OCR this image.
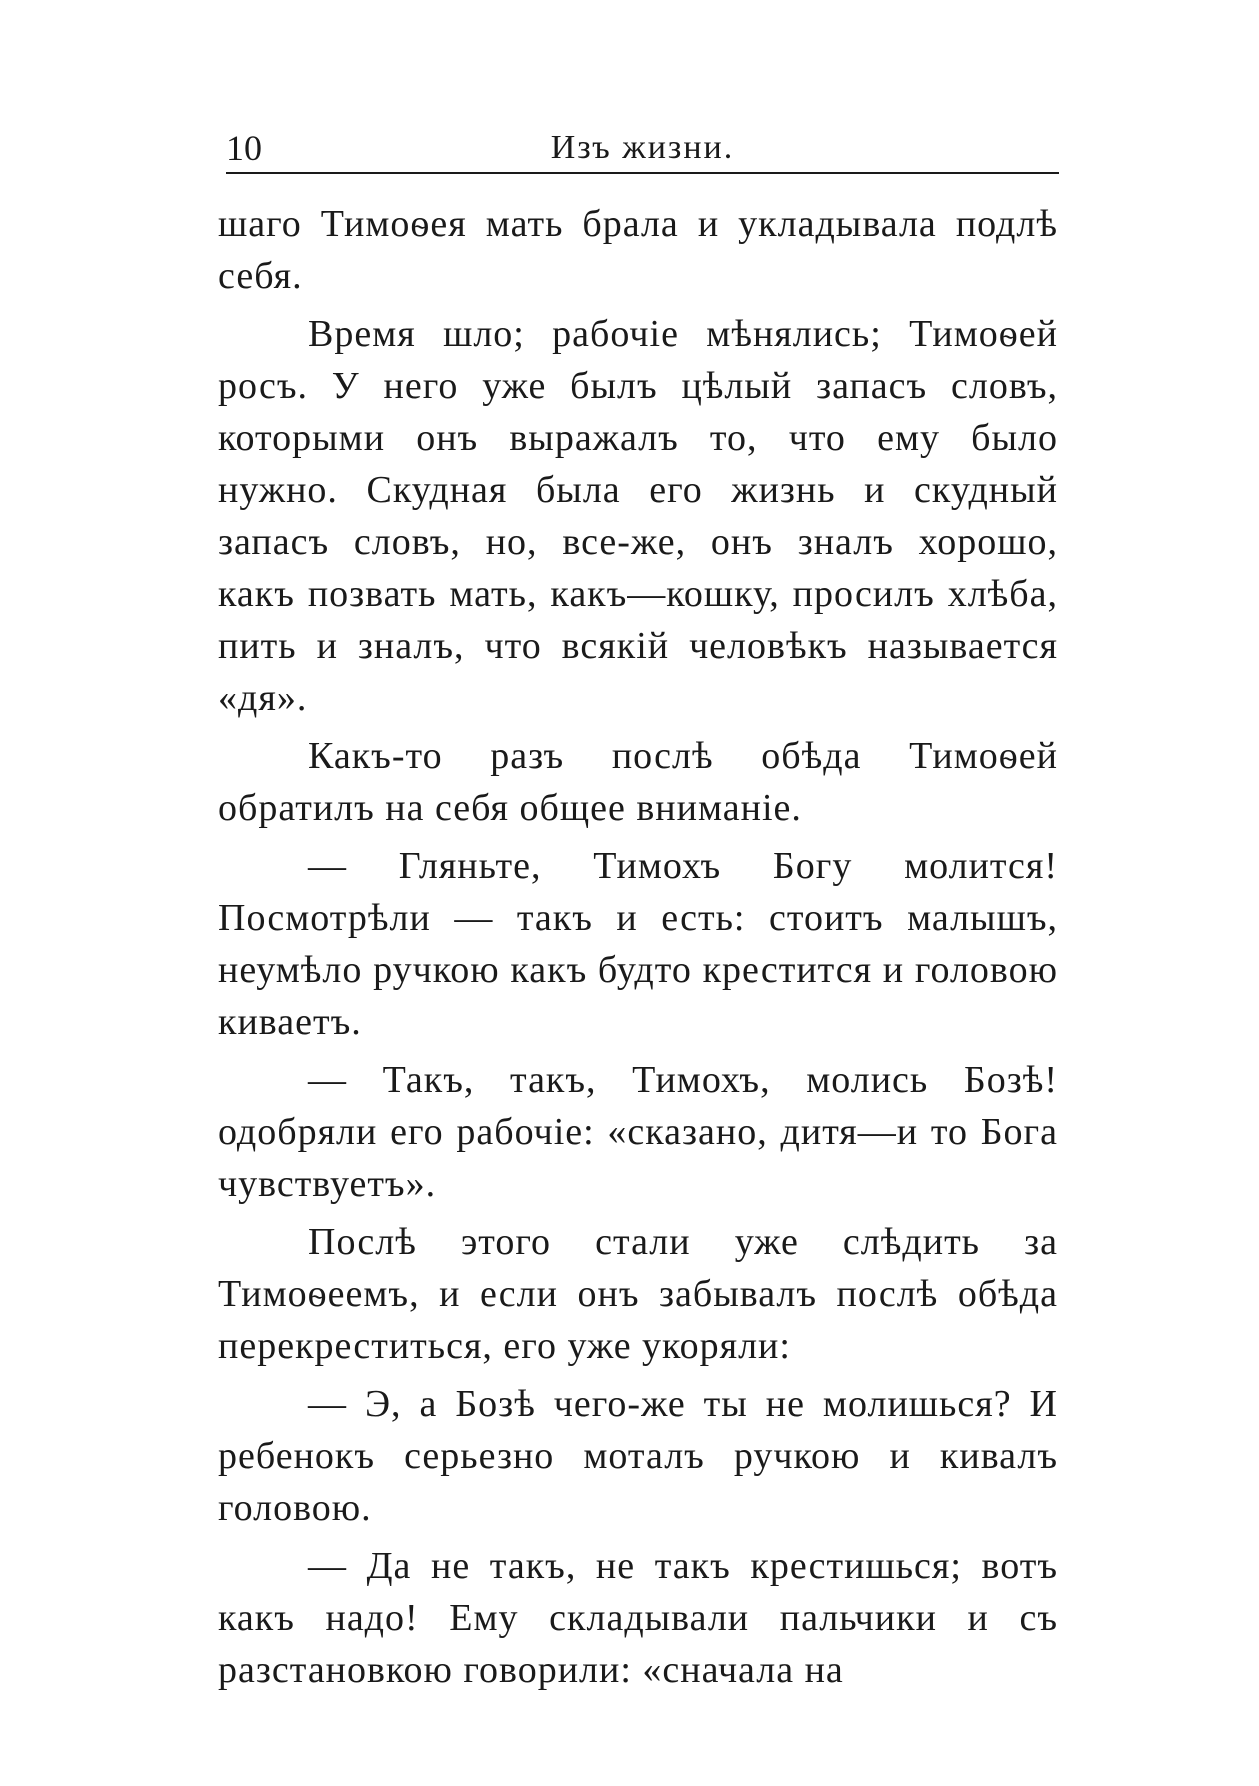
10	Изъ жизни.

шаго Тимоѳея мать брала и укладывала подлѣ себя.

Время шло; рабочіе мѣнялись; Тимоѳей росъ. У него уже былъ цѣлый запасъ словъ, которыми онъ выражалъ то, что ему было нужно. Скудная была его жизнь и скудный запасъ словъ, но, все-же, онъ зналъ хорошо, какъ позвать мать, какъ—кошку, просилъ хлѣба, пить и зналъ, что всякій человѣкъ называется «дя».

Какъ-то разъ послѣ обѣда Тимоѳей обратилъ на себя общее вниманіе.

— Гляньте, Тимохъ Богу молится! Посмотрѣли — такъ и есть: стоитъ малышъ, неумѣло ручкою какъ будто крестится и головою киваетъ.

— Такъ, такъ, Тимохъ, молись Бозѣ! одобряли его рабочіе: «сказано, дитя—и то Бога чувствуетъ».

Послѣ этого стали уже слѣдить за Тимоѳеемъ, и если онъ забывалъ послѣ обѣда перекреститься, его уже укоряли:

— Э, а Бозѣ чего-же ты не молишься? И ребенокъ серьезно моталъ ручкою и кивалъ головою.

— Да не такъ, не такъ крестишься; вотъ какъ надо! Ему складывали пальчики и съ разстановкою говорили: «сначала на
